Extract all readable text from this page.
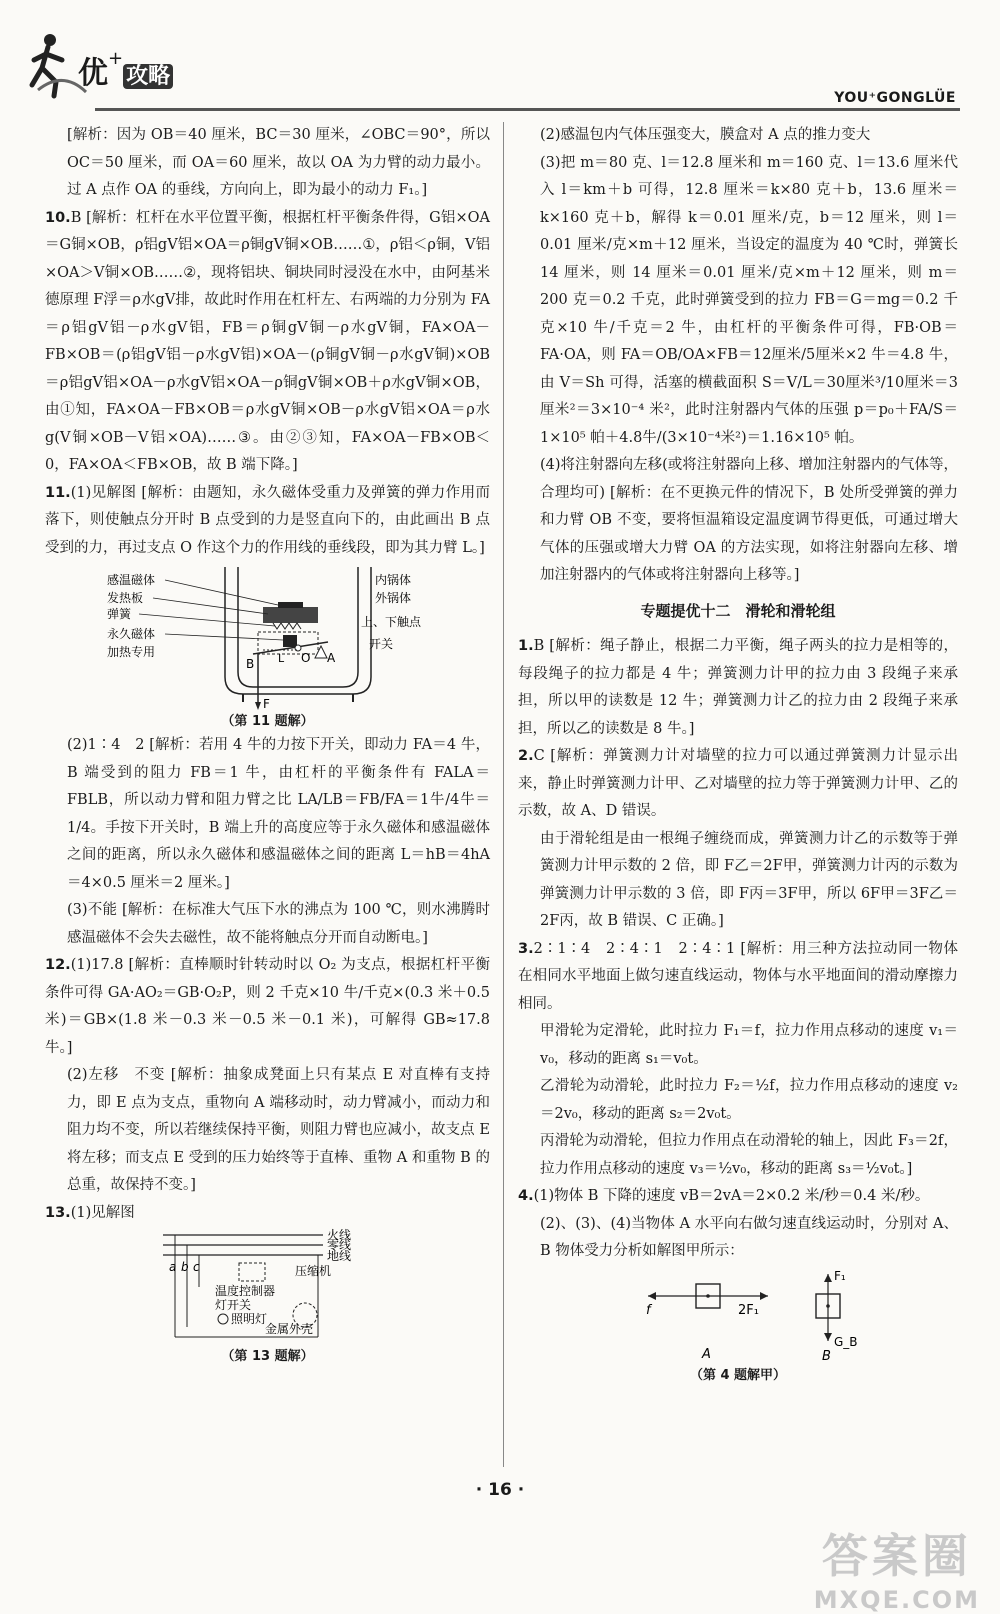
优+攻略
YOU⁺GONGLÜE

[解析：因为 OB＝40 厘米，BC＝30 厘米，∠OBC＝90°，所以 OC＝50 厘米，而 OA＝60 厘米，故以 OA 为力臂的动力最小。过 A 点作 OA 的垂线，方向向上，即为最小的动力 F₁。]

10.B [解析：杠杆在水平位置平衡，根据杠杆平衡条件得，G铝×OA＝G铜×OB，ρ铝gV铝×OA＝ρ铜gV铜×OB……①，ρ铝＜ρ铜，V铝×OA＞V铜×OB……②，现将铝块、铜块同时浸没在水中，由阿基米德原理 F浮＝ρ水gV排，故此时作用在杠杆左、右两端的力分别为 FA＝ρ铝gV铝－ρ水gV铝，FB＝ρ铜gV铜－ρ水gV铜，FA×OA－FB×OB＝(ρ铝gV铝－ρ水gV铝)×OA－(ρ铜gV铜－ρ水gV铜)×OB＝ρ铝gV铝×OA－ρ水gV铝×OA－ρ铜gV铜×OB＋ρ水gV铜×OB，由①知，FA×OA－FB×OB＝ρ水gV铜×OB－ρ水gV铝×OA＝ρ水g(V铜×OB－V铝×OA)……③。由②③知，FA×OA－FB×OB＜0，FA×OA＜FB×OB，故 B 端下降。]

11.(1)见解图 [解析：由题知，永久磁体受重力及弹簧的弹力作用而落下，则使触点分开时 B 点受到的力是竖直向下的，由此画出 B 点受到的力，再过支点 O 作这个力的作用线的垂线段，即为其力臂 L。]

感温磁体
发热板
弹簧
永久磁体
加热专用
内锅体
外锅体
上、下触点
开关
B	O A
F
L

（第 11 题解）

(2)1∶4　2 [解析：若用 4 牛的力按下开关，即动力 FA＝4 牛，B 端受到的阻力 FB＝1 牛，由杠杆的平衡条件有 FALA＝FBLB，所以动力臂和阻力臂之比 LA/LB＝FB/FA＝1牛/4牛＝1/4。手按下开关时，B 端上升的高度应等于永久磁体和感温磁体之间的距离，所以永久磁体和感温磁体之间的距离 L＝hB＝4hA＝4×0.5 厘米＝2 厘米。]

(3)不能 [解析：在标准大气压下水的沸点为 100 ℃，则水沸腾时感温磁体不会失去磁性，故不能将触点分开而自动断电。]

12.(1)17.8 [解析：直棒顺时针转动时以 O₂ 为支点，根据杠杆平衡条件可得 GA·AO₂＝GB·O₂P，则 2 千克×10 牛/千克×(0.3 米＋0.5 米)＝GB×(1.8 米－0.3 米－0.5 米－0.1 米)，可解得 GB≈17.8 牛。]

(2)左移　不变 [解析：抽象成凳面上只有某点 E 对直棒有支持力，即 E 点为支点，重物向 A 端移动时，动力臂减小，而动力和阻力均不变，所以若继续保持平衡，则阻力臂也应减小，故支点 E 将左移；而支点 E 受到的压力始终等于直棒、重物 A 和重物 B 的总重，故保持不变。]

13.(1)见解图

火线
零线
地线
a b c
温度控制器
灯开关
照明灯
压缩机
金属外壳

（第 13 题解）

(2)感温包内气体压强变大，膜盒对 A 点的推力变大

(3)把 m＝80 克、l＝12.8 厘米和 m＝160 克、l＝13.6 厘米代入 l＝km＋b 可得，12.8 厘米＝k×80 克＋b，13.6 厘米＝k×160 克＋b，解得 k＝0.01 厘米/克，b＝12 厘米，则 l＝0.01 厘米/克×m＋12 厘米，当设定的温度为 40 ℃时，弹簧长 14 厘米，则 14 厘米＝0.01 厘米/克×m＋12 厘米，则 m＝200 克＝0.2 千克，此时弹簧受到的拉力 FB＝G＝mg＝0.2 千克×10 牛/千克＝2 牛，由杠杆的平衡条件可得，FB·OB＝FA·OA，则 FA＝OB/OA×FB＝12厘米/5厘米×2 牛＝4.8 牛，由 V＝Sh 可得，活塞的横截面积 S＝V/L＝30厘米³/10厘米＝3 厘米²＝3×10⁻⁴ 米²，此时注射器内气体的压强 p＝p₀＋FA/S＝1×10⁵ 帕＋4.8牛/(3×10⁻⁴米²)＝1.16×10⁵ 帕。

(4)将注射器向左移(或将注射器向上移、增加注射器内的气体等，合理均可) [解析：在不更换元件的情况下，B 处所受弹簧的弹力和力臂 OB 不变，要将恒温箱设定温度调节得更低，可通过增大气体的压强或增大力臂 OA 的方法实现，如将注射器向左移、增加注射器内的气体或将注射器向上移等。]

专题提优十二　滑轮和滑轮组

1.B [解析：绳子静止，根据二力平衡，绳子两头的拉力是相等的，每段绳子的拉力都是 4 牛；弹簧测力计甲的拉力由 3 段绳子来承担，所以甲的读数是 12 牛；弹簧测力计乙的拉力由 2 段绳子来承担，所以乙的读数是 8 牛。]

2.C [解析：弹簧测力计对墙壁的拉力可以通过弹簧测力计显示出来，静止时弹簧测力计甲、乙对墙壁的拉力等于弹簧测力计甲、乙的示数，故 A、D 错误。

由于滑轮组是由一根绳子缠绕而成，弹簧测力计乙的示数等于弹簧测力计甲示数的 2 倍，即 F乙＝2F甲，弹簧测力计丙的示数为弹簧测力计甲示数的 3 倍，即 F丙＝3F甲，所以 6F甲＝3F乙＝2F丙，故 B 错误、C 正确。]

3.2∶1∶4　2∶4∶1　2∶4∶1 [解析：用三种方法拉动同一物体在相同水平地面上做匀速直线运动，物体与水平地面间的滑动摩擦力相同。

甲滑轮为定滑轮，此时拉力 F₁＝f，拉力作用点移动的速度 v₁＝v₀，移动的距离 s₁＝v₀t。

乙滑轮为动滑轮，此时拉力 F₂＝½f，拉力作用点移动的速度 v₂＝2v₀，移动的距离 s₂＝2v₀t。

丙滑轮为动滑轮，但拉力作用点在动滑轮的轴上，因此 F₃＝2f，拉力作用点移动的速度 v₃＝½v₀，移动的距离 s₃＝½v₀t。]

4.(1)物体 B 下降的速度 vB＝2vA＝2×0.2 米/秒＝0.4 米/秒。

(2)、(3)、(4)当物体 A 水平向右做匀速直线运动时，分别对 A、B 物体受力分析如解图甲所示：

f	2F₁
A
F₁
G_B
B

（第 4 题解甲）

· 16 ·
答案圈
MXQE.COM
